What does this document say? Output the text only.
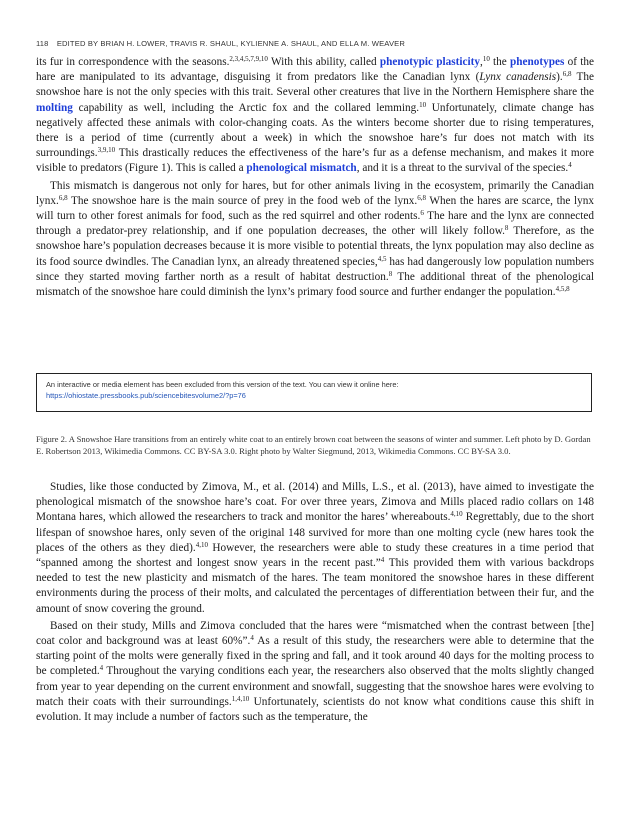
118 EDITED BY BRIAN H. LOWER, TRAVIS R. SHAUL, KYLIENNE A. SHAUL, AND ELLA M. WEAVER

its fur in correspondence with the seasons.$^{2,3,4,5,7,9,10}$ With this ability, called phenotypic plasticity,$^{10}$ the phenotypes of the hare are manipulated to its advantage, disguising it from predators like the Canadian lynx (Lynx canadensis).$^{6,8}$ The snowshoe hare is not the only species with this trait. Several other creatures that live in the Northern Hemisphere share the molting capability as well, including the Arctic fox and the collared lemming.$^{10}$ Unfortunately, climate change has negatively affected these animals with color-changing coats. As the winters become shorter due to rising temperatures, there is a period of time (currently about a week) in which the snowshoe hare’s fur does not match with its surroundings.$^{3,9,10}$ This drastically reduces the effectiveness of the hare’s fur as a defense mechanism, and makes it more visible to predators (Figure 1). This is called a phenological mismatch, and it is a threat to the survival of the species.$^4$

This mismatch is dangerous not only for hares, but for other animals living in the ecosystem, primarily the Canadian lynx.$^{6,8}$ The snowshoe hare is the main source of prey in the food web of the lynx.$^{6,8}$ When the hares are scarce, the lynx will turn to other forest animals for food, such as the red squirrel and other rodents.$^6$ The hare and the lynx are connected through a predator-prey relationship, and if one population decreases, the other will likely follow.$^8$ Therefore, as the snowshoe hare’s population decreases because it is more visible to potential threats, the lynx population may also decline as its food source dwindles. The Canadian lynx, an already threatened species,$^{4,5}$ has had dangerously low population numbers since they started moving farther north as a result of habitat destruction.$^8$ The additional threat of the phenological mismatch of the snowshoe hare could diminish the lynx’s primary food source and further endanger the population.$^{4,5,8}$

An interactive or media element has been excluded from this version of the text. You can view it online here:
https://ohiostate.pressbooks.pub/sciencebitesvolume2/?p=76
Figure 2. A Snowshoe Hare transitions from an entirely white coat to an entirely brown coat between the seasons of winter and summer. Left photo by D. Gordan E. Robertson 2013, Wikimedia Commons. CC BY-SA 3.0. Right photo by Walter Siegmund, 2013, Wikimedia Commons. CC BY-SA 3.0.

Studies, like those conducted by Zimova, M., et al. (2014) and Mills, L.S., et al. (2013), have aimed to investigate the phenological mismatch of the snowshoe hare’s coat. For over three years, Zimova and Mills placed radio collars on 148 Montana hares, which allowed the researchers to track and monitor the hares’ whereabouts.$^{4,10}$ Regrettably, due to the short lifespan of snowshoe hares, only seven of the original 148 survived for more than one molting cycle (new hares took the places of the others as they died).$^{4,10}$ However, the researchers were able to study these creatures in a time period that “spanned among the shortest and longest snow years in the recent past.”$^4$ This provided them with various backdrops needed to test the new plasticity and mismatch of the hares. The team monitored the snowshoe hares in these different environments during the process of their molts, and calculated the percentages of differentiation between their fur, and the amount of snow covering the ground.

Based on their study, Mills and Zimova concluded that the hares were “mismatched when the contrast between [the] coat color and background was at least 60%”.$^4$ As a result of this study, the researchers were able to determine that the starting point of the molts were generally fixed in the spring and fall, and it took around 40 days for the molting process to be completed.$^4$ Throughout the varying conditions each year, the researchers also observed that the molts slightly changed from year to year depending on the current environment and snowfall, suggesting that the snowshoe hares were evolving to match their coats with their surroundings.$^{1,4,10}$ Unfortunately, scientists do not know what conditions cause this shift in evolution. It may include a number of factors such as the temperature, the
